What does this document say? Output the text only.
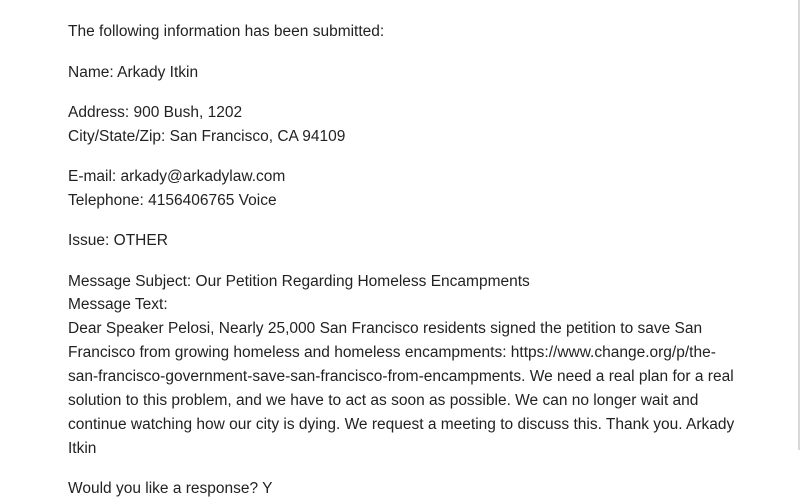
The following information has been submitted:

Name: Arkady Itkin

Address: 900 Bush, 1202
City/State/Zip: San Francisco, CA 94109

E-mail: arkady@arkadylaw.com
Telephone: 4156406765 Voice

Issue: OTHER

Message Subject: Our Petition Regarding Homeless Encampments
Message Text:
Dear Speaker Pelosi, Nearly 25,000 San Francisco residents signed the petition to save San Francisco from growing homeless and homeless encampments: https://www.change.org/p/the-san-francisco-government-save-san-francisco-from-encampments. We need a real plan for a real solution to this problem, and we have to act as soon as possible. We can no longer wait and continue watching how our city is dying. We request a meeting to discuss this. Thank you. Arkady Itkin

Would you like a response? Y
